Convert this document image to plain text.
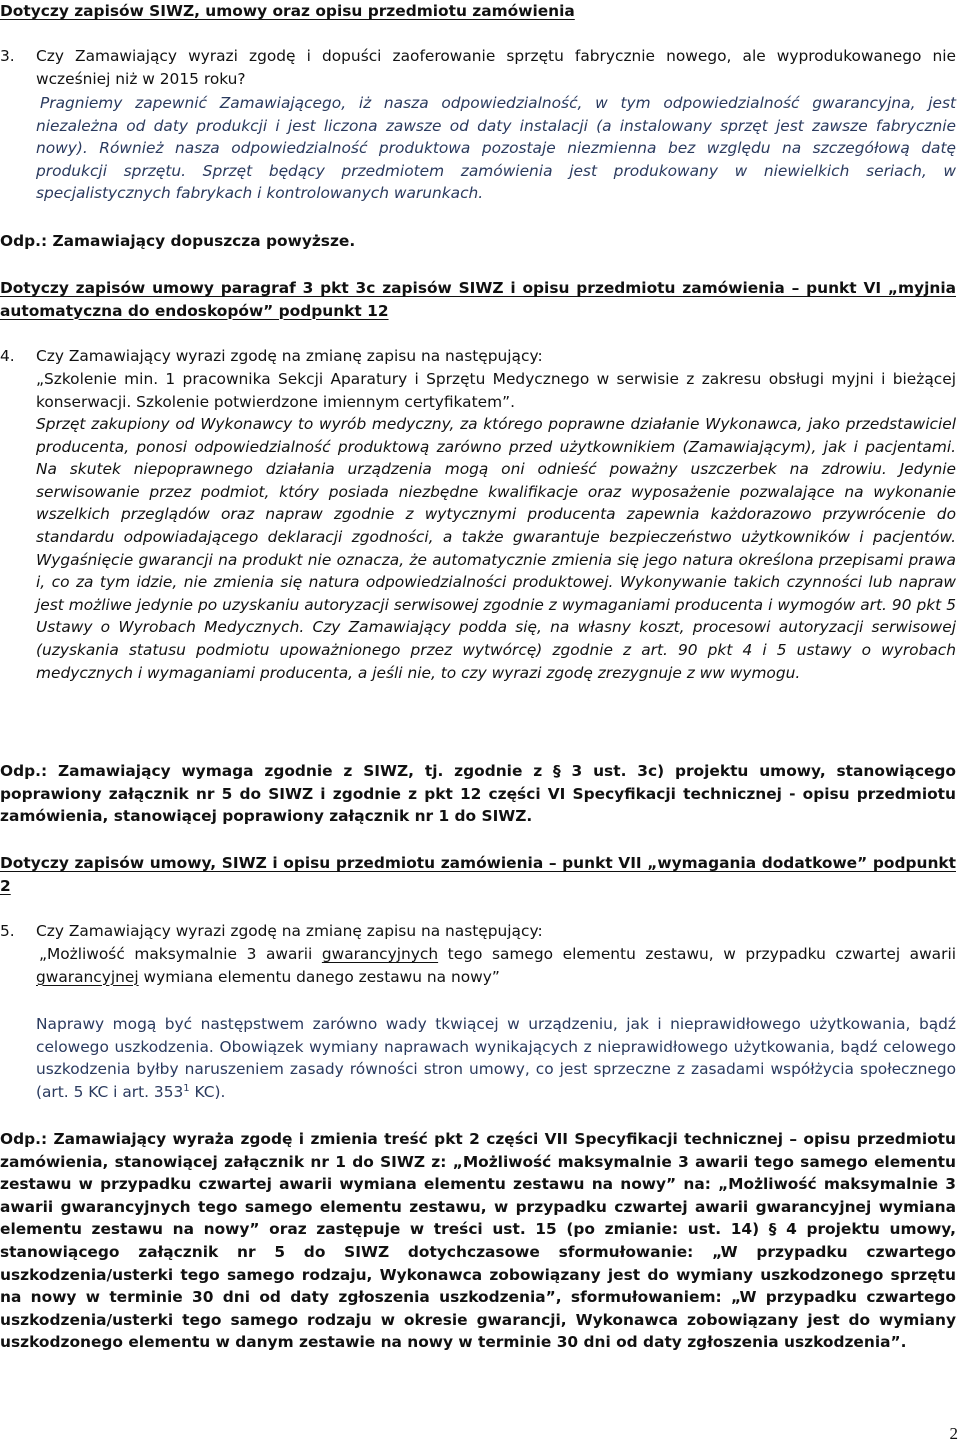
Dotyczy zapisów SIWZ, umowy oraz opisu przedmiotu zamówienia
3.	Czy Zamawiający wyrazi zgodę i dopuści zaoferowanie sprzętu fabrycznie nowego, ale wyprodukowanego nie wcześniej niż w 2015 roku?
Pragniemy zapewnić Zamawiającego, iż nasza odpowiedzialność, w tym odpowiedzialność gwarancyjna, jest niezależna od daty produkcji i jest liczona zawsze od daty instalacji (a instalowany sprzęt jest zawsze fabrycznie nowy). Również nasza odpowiedzialność produktowa pozostaje niezmienna bez względu na szczegółową datę produkcji sprzętu. Sprzęt będący przedmiotem zamówienia jest produkowany w niewielkich seriach, w specjalistycznych fabrykach i kontrolowanych warunkach.
Odp.: Zamawiający dopuszcza powyższe.
Dotyczy zapisów umowy paragraf 3 pkt 3c zapisów SIWZ i opisu przedmiotu zamówienia – punkt VI „myjnia automatyczna do endoskopów” podpunkt 12
4.	Czy Zamawiający wyrazi zgodę na zmianę zapisu na następujący:
„Szkolenie min. 1 pracownika Sekcji Aparatury i Sprzętu Medycznego w serwisie z zakresu obsługi myjni i bieżącej konserwacji. Szkolenie potwierdzone imiennym certyfikatem”.
Sprzęt zakupiony od Wykonawcy to wyrób medyczny, za którego poprawne działanie Wykonawca, jako przedstawiciel producenta, ponosi odpowiedzialność produktową zarówno przed użytkownikiem (Zamawiającym), jak i pacjentami. Na skutek niepoprawnego działania urządzenia mogą oni odnieść poważny uszczerbek na zdrowiu. Jedynie serwisowanie przez podmiot, który posiada niezbędne kwalifikacje oraz wyposażenie pozwalające na wykonanie wszelkich przeglądów oraz napraw zgodnie z wytycznymi producenta zapewnia każdorazowo przywrócenie do standardu odpowiadającego deklaracji zgodności, a także gwarantuje bezpieczeństwo użytkowników i pacjentów. Wygaśnięcie gwarancji na produkt nie oznacza, że automatycznie zmienia się jego natura określona przepisami prawa i, co za tym idzie, nie zmienia się natura odpowiedzialności produktowej. Wykonywanie takich czynności lub napraw jest możliwe jedynie po uzyskaniu autoryzacji serwisowej zgodnie z wymaganiami producenta i wymogów art. 90 pkt 5 Ustawy o Wyrobach Medycznych. Czy Zamawiający podda się, na własny koszt, procesowi autoryzacji serwisowej (uzyskania statusu podmiotu upoważnionego przez wytwórcę) zgodnie z art. 90 pkt 4 i 5 ustawy o wyrobach medycznych i wymaganiami producenta, a jeśli nie, to czy wyrazi zgodę zrezygnuje z ww wymogu.
Odp.: Zamawiający wymaga zgodnie z SIWZ, tj. zgodnie z § 3 ust. 3c) projektu umowy, stanowiącego poprawiony załącznik nr 5 do SIWZ i zgodnie z pkt 12 części VI Specyfikacji technicznej - opisu przedmiotu zamówienia, stanowiącej poprawiony załącznik nr 1 do SIWZ.
Dotyczy zapisów umowy, SIWZ i opisu przedmiotu zamówienia – punkt VII „wymagania dodatkowe” podpunkt 2
5.	Czy Zamawiający wyrazi zgodę na zmianę zapisu na następujący:
„Możliwość maksymalnie 3 awarii gwarancyjnych tego samego elementu zestawu, w przypadku czwartej awarii gwarancyjnej wymiana elementu danego zestawu na nowy”
Naprawy mogą być następstwem zarówno wady tkwiącej w urządzeniu, jak i nieprawidłowego użytkowania, bądź celowego uszkodzenia. Obowiązek wymiany naprawach wynikających z nieprawidłowego użytkowania, bądź celowego uszkodzenia byłby naruszeniem zasady równości stron umowy, co jest sprzeczne z zasadami współżycia społecznego (art. 5 KC i art. $353^1$ KC).
Odp.: Zamawiający wyraża zgodę i zmienia treść pkt 2 części VII Specyfikacji technicznej – opisu przedmiotu zamówienia, stanowiącej załącznik nr 1 do SIWZ z: „Możliwość maksymalnie 3 awarii tego samego elementu zestawu w przypadku czwartej awarii wymiana elementu zestawu na nowy” na: „Możliwość maksymalnie 3 awarii gwarancyjnych tego samego elementu zestawu, w przypadku czwartej awarii gwarancyjnej wymiana elementu zestawu na nowy” oraz zastępuje w treści ust. 15 (po zmianie: ust. 14) § 4 projektu umowy, stanowiącego załącznik nr 5 do SIWZ dotychczasowe sformułowanie: „W przypadku czwartego uszkodzenia/usterki tego samego rodzaju, Wykonawca zobowiązany jest do wymiany uszkodzonego sprzętu na nowy w terminie 30 dni od daty zgłoszenia uszkodzenia”, sformułowaniem: „W przypadku czwartego uszkodzenia/usterki tego samego rodzaju w okresie gwarancji, Wykonawca zobowiązany jest do wymiany uszkodzonego elementu w danym zestawie na nowy w terminie 30 dni od daty zgłoszenia uszkodzenia”.
2
